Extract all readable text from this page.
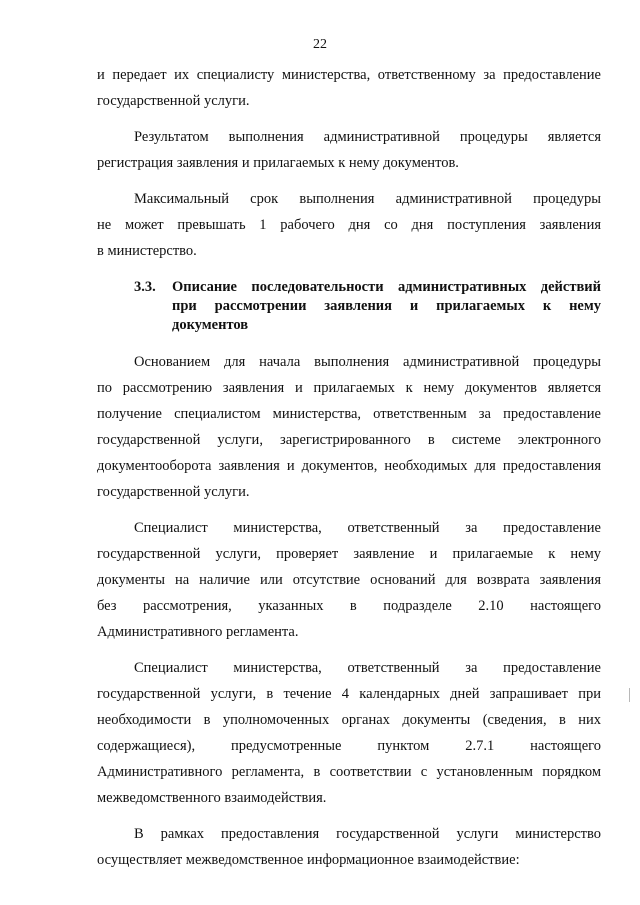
22
и передает их специалисту министерства, ответственному за предоставление
государственной услуги.
Результатом выполнения административной процедуры является
регистрация заявления и прилагаемых к нему документов.
Максимальный срок выполнения административной процедуры
не может превышать 1 рабочего дня со дня поступления заявления
в министерство.
3.3. Описание последовательности административных действий
при рассмотрении заявления и прилагаемых к нему
документов
Основанием для начала выполнения административной процедуры
по рассмотрению заявления и прилагаемых к нему документов является
получение специалистом министерства, ответственным за предоставление
государственной услуги, зарегистрированного в системе электронного
документооборота заявления и документов, необходимых для предоставления
государственной услуги.
Специалист министерства, ответственный за предоставление
государственной услуги, проверяет заявление и прилагаемые к нему
документы на наличие или отсутствие оснований для возврата заявления
без рассмотрения, указанных в подразделе 2.10 настоящего
Административного регламента.
Специалист министерства, ответственный за предоставление
государственной услуги, в течение 4 календарных дней запрашивает при
необходимости в уполномоченных органах документы (сведения, в них
содержащиеся), предусмотренные пунктом 2.7.1 настоящего
Административного регламента, в соответствии с установленным порядком
межведомственного взаимодействия.
В рамках предоставления государственной услуги министерство
осуществляет межведомственное информационное взаимодействие:
